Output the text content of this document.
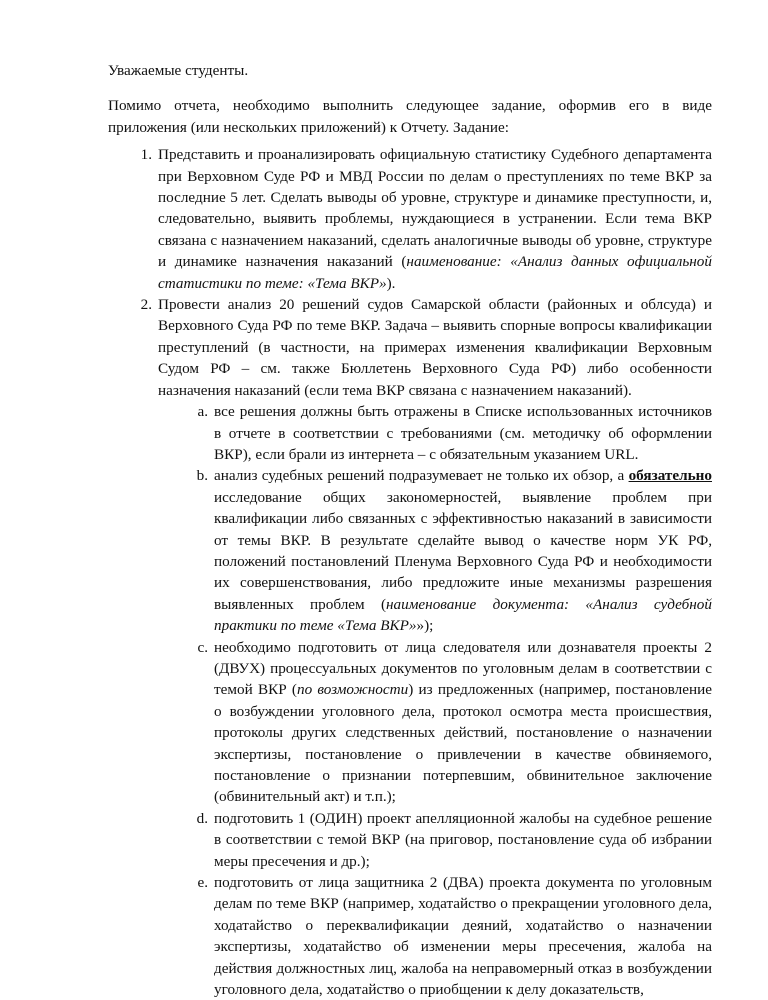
Уважаемые студенты.

Помимо отчета, необходимо выполнить следующее задание, оформив его в виде приложения (или нескольких приложений) к Отчету. Задание:

1. Представить и проанализировать официальную статистику Судебного департамента при Верховном Суде РФ и МВД России по делам о преступлениях по теме ВКР за последние 5 лет. Сделать выводы об уровне, структуре и динамике преступности, и, следовательно, выявить проблемы, нуждающиеся в устранении. Если тема ВКР связана с назначением наказаний, сделать аналогичные выводы об уровне, структуре и динамике назначения наказаний (наименование: «Анализ данных официальной статистики по теме: «Тема ВКР»).
2. Провести анализ 20 решений судов Самарской области (районных и облсуда) и Верховного Суда РФ по теме ВКР. Задача – выявить спорные вопросы квалификации преступлений (в частности, на примерах изменения квалификации Верховным Судом РФ – см. также Бюллетень Верховного Суда РФ) либо особенности назначения наказаний (если тема ВКР связана с назначением наказаний).
a. все решения должны быть отражены в Списке использованных источников в отчете в соответствии с требованиями (см. методичку об оформлении ВКР), если брали из интернета – с обязательным указанием URL.
b. анализ судебных решений подразумевает не только их обзор, а обязательно исследование общих закономерностей, выявление проблем при квалификации либо связанных с эффективностью наказаний в зависимости от темы ВКР. В результате сделайте вывод о качестве норм УК РФ, положений постановлений Пленума Верховного Суда РФ и необходимости их совершенствования, либо предложите иные механизмы разрешения выявленных проблем (наименование документа: «Анализ судебной практики по теме «Тема ВКР»»);
c. необходимо подготовить от лица следователя или дознавателя проекты 2 (ДВУХ) процессуальных документов по уголовным делам в соответствии с темой ВКР (по возможности) из предложенных (например, постановление о возбуждении уголовного дела, протокол осмотра места происшествия, протоколы других следственных действий, постановление о назначении экспертизы, постановление о привлечении в качестве обвиняемого, постановление о признании потерпевшим, обвинительное заключение (обвинительный акт) и т.п.);
d. подготовить 1 (ОДИН) проект апелляционной жалобы на судебное решение в соответствии с темой ВКР (на приговор, постановление суда об избрании меры пресечения и др.);
e. подготовить от лица защитника 2 (ДВА) проекта документа по уголовным делам по теме ВКР (например, ходатайство о прекращении уголовного дела, ходатайство о переквалификации деяний, ходатайство о назначении экспертизы, ходатайство об изменении меры пресечения, жалоба на действия должностных лиц, жалоба на неправомерный отказ в возбуждении уголовного дела, ходатайство о приобщении к делу доказательств,
